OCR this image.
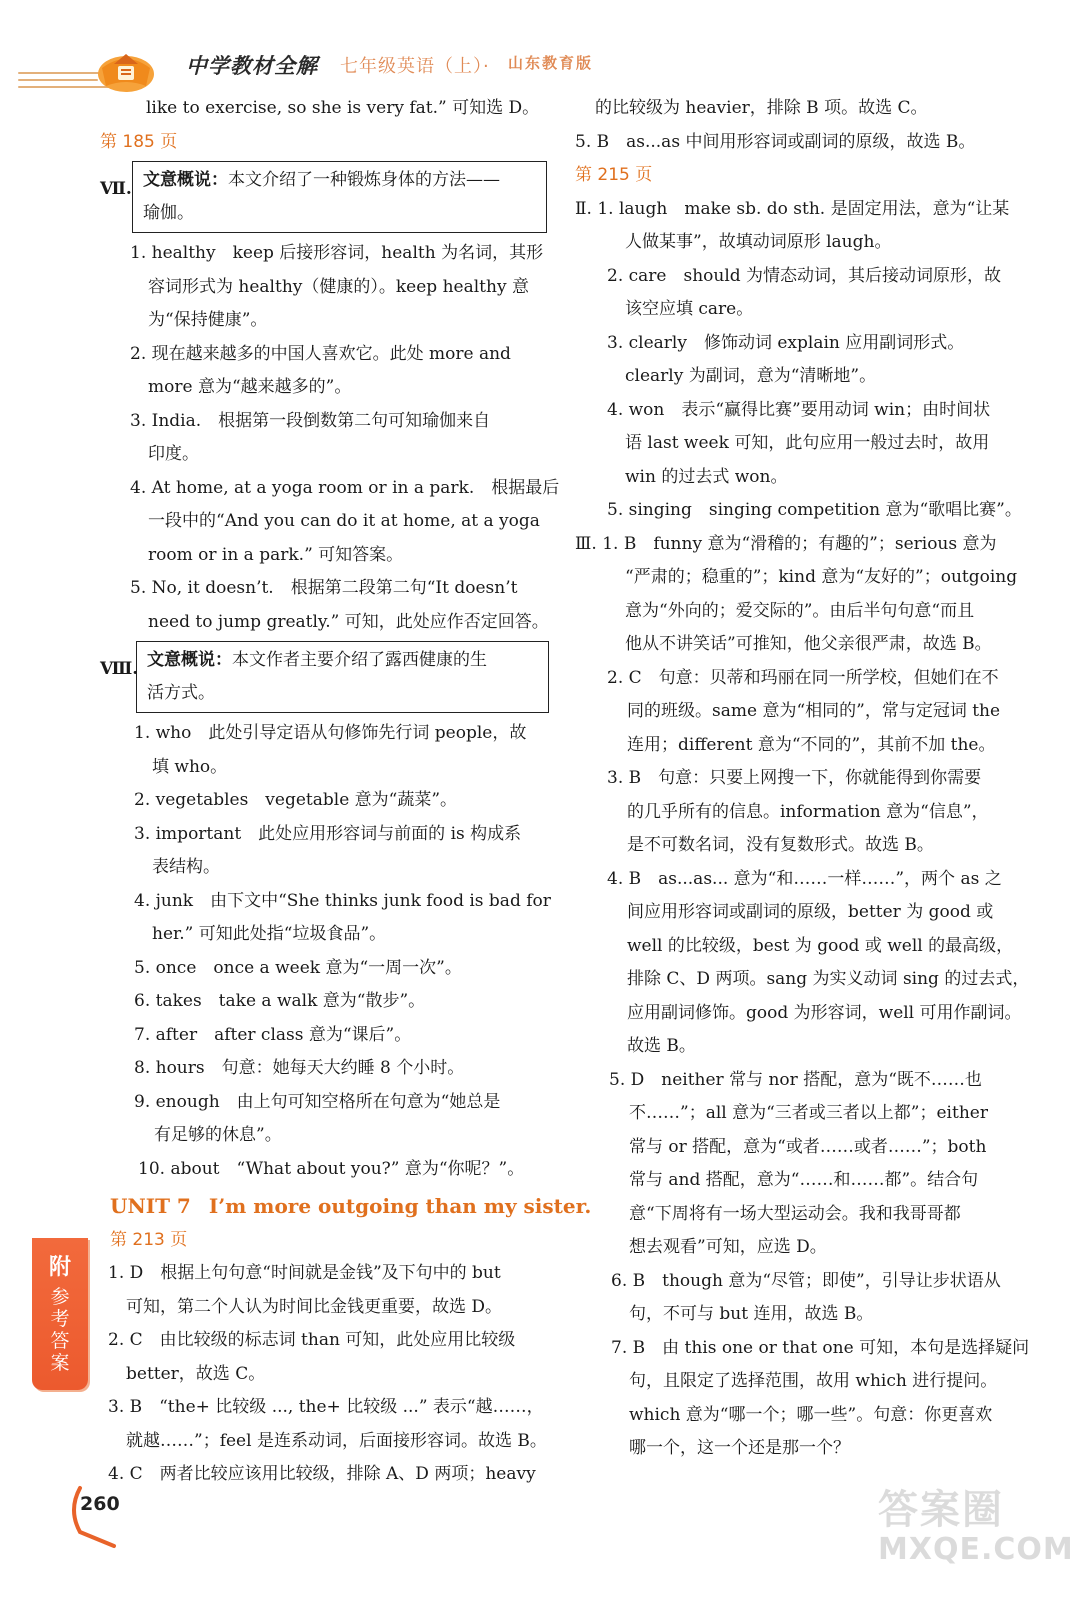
中学教材全解 七年级英语（上）· 山东教育版
like to exercise, so she is very fat.” 可知选 D。
第 185 页
Ⅶ. 文意概说：本文介绍了一种锻炼身体的方法——
瑜伽。
1. healthy　keep 后接形容词，health 为名词，其形
容词形式为 healthy（健康的）。keep healthy 意
为“保持健康”。
2. 现在越来越多的中国人喜欢它。此处 more and
more 意为“越来越多的”。
3. India.　根据第一段倒数第二句可知瑜伽来自
印度。
4. At home, at a yoga room or in a park.　根据最后
一段中的“And you can do it at home, at a yoga
room or in a park.” 可知答案。
5. No, it doesn’t.　根据第二段第二句“It doesn’t
need to jump greatly.” 可知，此处应作否定回答。
Ⅷ. 文意概说：本文作者主要介绍了露西健康的生
活方式。
1. who　此处引导定语从句修饰先行词 people，故
填 who。
2. vegetables　vegetable 意为“蔬菜”。
3. important　此处应用形容词与前面的 is 构成系
表结构。
4. junk　由下文中“She thinks junk food is bad for
her.” 可知此处指“垃圾食品”。
5. once　once a week 意为“一周一次”。
6. takes　take a walk 意为“散步”。
7. after　after class 意为“课后”。
8. hours　句意：她每天大约睡 8 个小时。
9. enough　由上句可知空格所在句意为“她总是
有足够的休息”。
10. about　“What about you?” 意为“你呢？”。
UNIT 7 I’m more outgoing than my sister.
第 213 页
1. D　根据上句句意“时间就是金钱”及下句中的 but
可知，第二个人认为时间比金钱更重要，故选 D。
2. C　由比较级的标志词 than 可知，此处应用比较级
better，故选 C。
3. B　“the+ 比较级 ..., the+ 比较级 ...” 表示“越……，
就越……”；feel 是连系动词，后面接形容词。故选 B。
4. C　两者比较应该用比较级，排除 A、D 两项；heavy
的比较级为 heavier，排除 B 项。故选 C。
5. B　as...as 中间用形容词或副词的原级，故选 B。
第 215 页
Ⅱ. 1. laugh　make sb. do sth. 是固定用法，意为“让某
人做某事”，故填动词原形 laugh。
2. care　should 为情态动词，其后接动词原形，故
该空应填 care。
3. clearly　修饰动词 explain 应用副词形式。
clearly 为副词，意为“清晰地”。
4. won　表示“赢得比赛”要用动词 win；由时间状
语 last week 可知，此句应用一般过去时，故用
win 的过去式 won。
5. singing　singing competition 意为“歌唱比赛”。
Ⅲ. 1. B　funny 意为“滑稽的；有趣的”；serious 意为
“严肃的；稳重的”；kind 意为“友好的”；outgoing
意为“外向的；爱交际的”。由后半句句意“而且
他从不讲笑话”可推知，他父亲很严肃，故选 B。
2. C　句意：贝蒂和玛丽在同一所学校，但她们在不
同的班级。same 意为“相同的”，常与定冠词 the
连用；different 意为“不同的”，其前不加 the。
3. B　句意：只要上网搜一下，你就能得到你需要
的几乎所有的信息。information 意为“信息”，
是不可数名词，没有复数形式。故选 B。
4. B　as...as... 意为“和……一样……”，两个 as 之
间应用形容词或副词的原级，better 为 good 或
well 的比较级，best 为 good 或 well 的最高级，
排除 C、D 两项。sang 为实义动词 sing 的过去式，
应用副词修饰。good 为形容词，well 可用作副词。
故选 B。
5. D　neither 常与 nor 搭配，意为“既不……也
不……”；all 意为“三者或三者以上都”；either
常与 or 搭配，意为“或者……或者……”；both
常与 and 搭配，意为“……和……都”。结合句
意“下周将有一场大型运动会。我和我哥哥都
想去观看”可知，应选 D。
6. B　though 意为“尽管；即使”，引导让步状语从
句，不可与 but 连用，故选 B。
7. B　由 this one or that one 可知，本句是选择疑问
句，且限定了选择范围，故用 which 进行提问。
which 意为“哪一个；哪一些”。句意：你更喜欢
哪一个，这一个还是那一个？
附
参
考
答
案
260	答案圈
MXQE.COM
